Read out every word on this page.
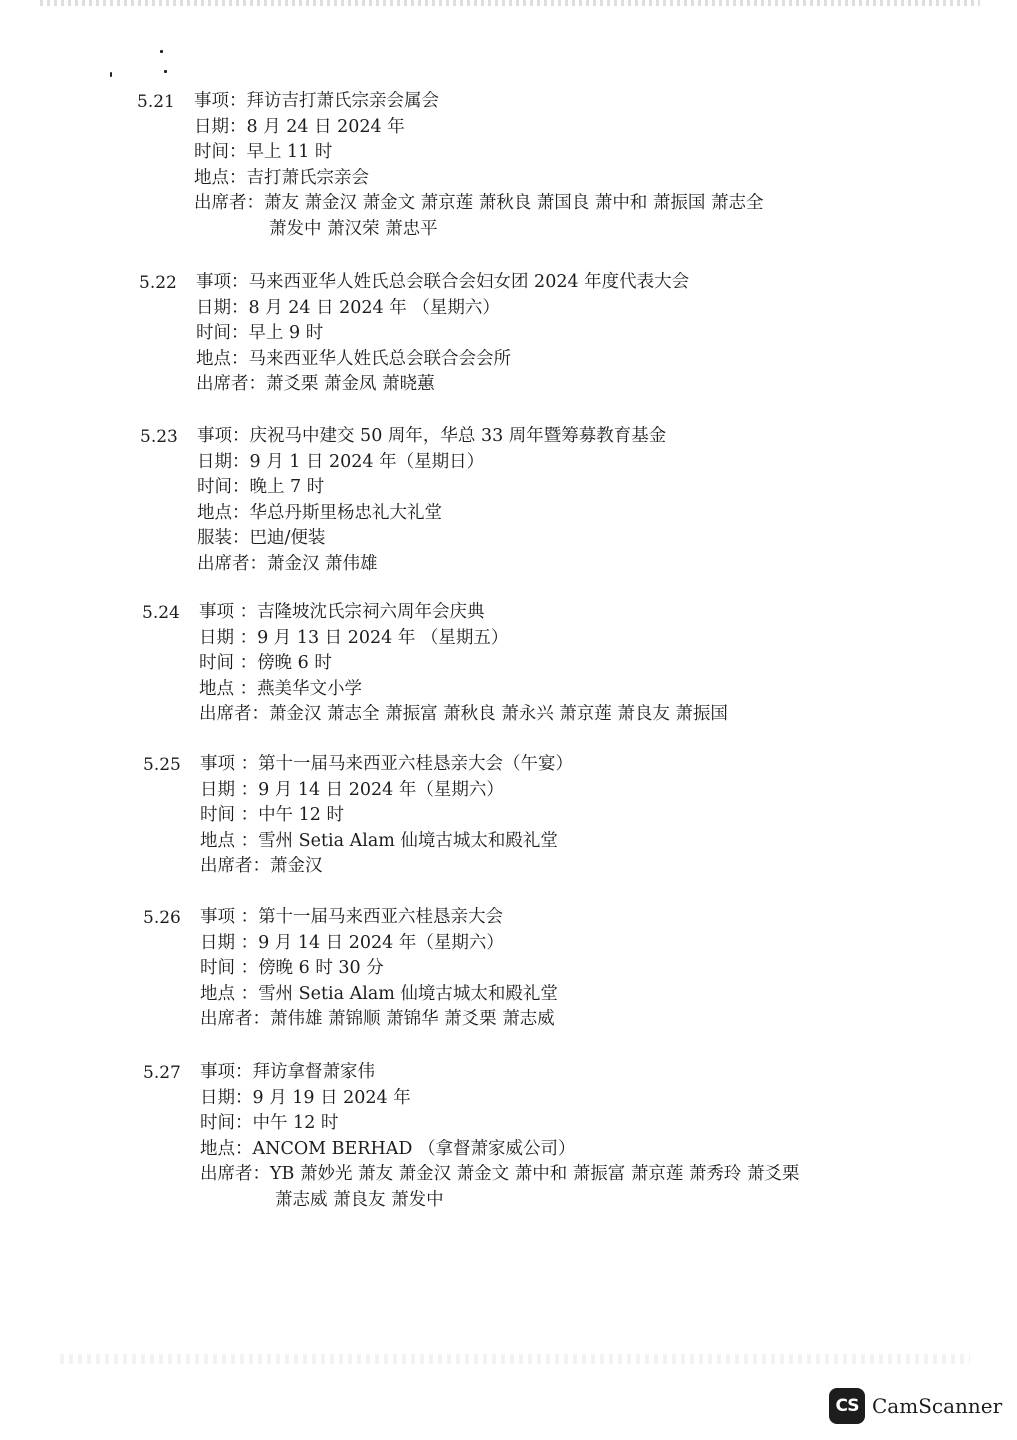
5.21 事项：拜访吉打萧氏宗亲会属会
日期：8 月 24 日 2024 年
时间：早上 11 时
地点：吉打萧氏宗亲会
出席者：萧友 萧金汉 萧金文 萧京莲 萧秋良 萧国良 萧中和 萧振国 萧志全
萧发中 萧汉荣 萧忠平
5.22 事项：马来西亚华人姓氏总会联合会妇女团 2024 年度代表大会
日期：8 月 24 日 2024 年 （星期六）
时间：早上 9 时
地点：马来西亚华人姓氏总会联合会会所
出席者：萧爻栗 萧金凤 萧晓蕙
5.23 事项：庆祝马中建交 50 周年，华总 33 周年暨筹募教育基金
日期：9 月 1 日 2024 年（星期日）
时间：晚上 7 时
地点：华总丹斯里杨忠礼大礼堂
服装：巴迪/便装
出席者：萧金汉 萧伟雄
5.24 事项 ：吉隆坡沈氏宗祠六周年会庆典
日期 ：9 月 13 日 2024 年 （星期五）
时间 ：傍晚 6 时
地点 ：燕美华文小学
出席者：萧金汉 萧志全 萧振富 萧秋良 萧永兴 萧京莲 萧良友 萧振国
5.25 事项 ：第十一届马来西亚六桂恳亲大会（午宴）
日期 ：9 月 14 日 2024 年（星期六）
时间 ：中午 12 时
地点 ：雪州 Setia Alam 仙境古城太和殿礼堂
出席者：萧金汉
5.26 事项 ：第十一届马来西亚六桂恳亲大会
日期 ：9 月 14 日 2024 年（星期六）
时间 ：傍晚 6 时 30 分
地点 ：雪州 Setia Alam 仙境古城太和殿礼堂
出席者：萧伟雄 萧锦顺 萧锦华 萧爻栗 萧志威
5.27 事项：拜访拿督萧家伟
日期：9 月 19 日 2024 年
时间：中午 12 时
地点：ANCOM BERHAD （拿督萧家威公司）
出席者：YB 萧妙光 萧友 萧金汉 萧金文 萧中和 萧振富 萧京莲 萧秀玲 萧爻栗
萧志威 萧良友 萧发中
CS CamScanner
